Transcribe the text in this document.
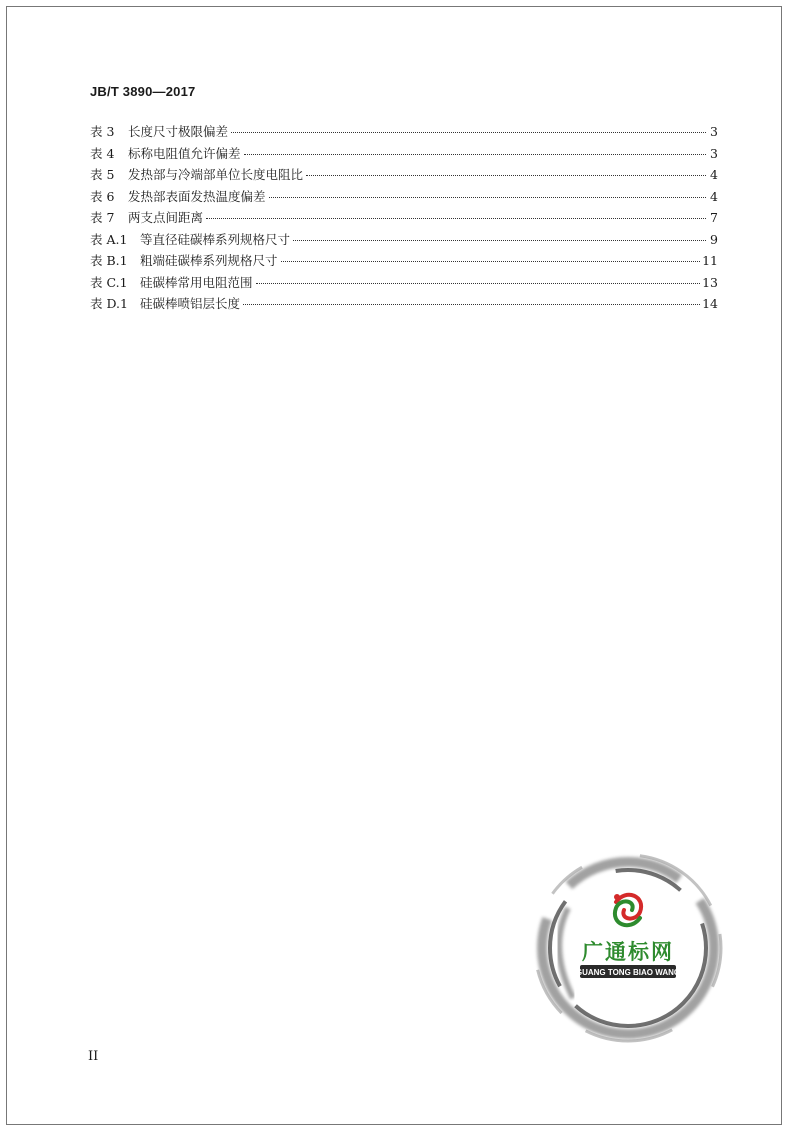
JB/T 3890—2017
表 3	长度尺寸极限偏差	3
表 4	标称电阻值允许偏差	3
表 5	发热部与冷端部单位长度电阻比	4
表 6	发热部表面发热温度偏差	4
表 7	两支点间距离	7
表 A.1	等直径硅碳棒系列规格尺寸	9
表 B.1 粗端硅碳棒系列规格尺寸	11
表 C.1 硅碳棒常用电阻范围	13
表 D.1 硅碳棒喷铝层长度	14
II
广通标网
GUANG TONG BIAO WANG
